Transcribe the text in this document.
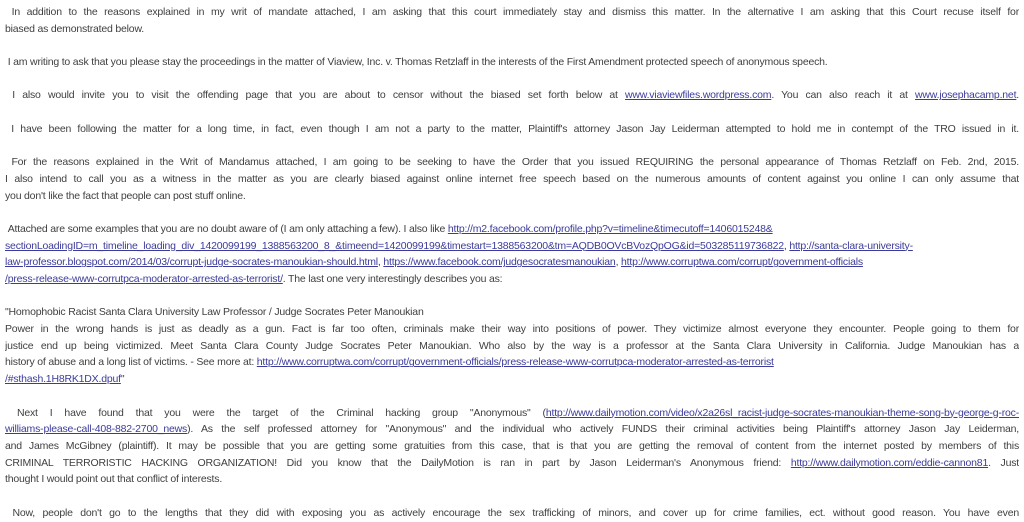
In addition to the reasons explained in my writ of mandate attached, I am asking that this court immediately stay and dismiss this matter. In the alternative I am asking that this Court recuse itself for
biased as demonstrated below.
I am writing to ask that you please stay the proceedings in the matter of Viaview, Inc. v. Thomas Retzlaff in the interests of the First Amendment protected speech of anonymous speech.
I also would invite you to visit the offending page that you are about to censor without the biased set forth below at www.viaviewfiles.wordpress.com. You can also reach it at www.josephacamp.net.
I have been following the matter for a long time, in fact, even though I am not a party to the matter, Plaintiff's attorney Jason Jay Leiderman attempted to hold me in contempt of the TRO issued in it.
For the reasons explained in the Writ of Mandamus attached, I am going to be seeking to have the Order that you issued REQUIRING the personal appearance of Thomas Retzlaff on Feb. 2nd, 2015.
I also intend to call you as a witness in the matter as you are clearly biased against online internet free speech based on the numerous amounts of content against you online I can only assume that
you don't like the fact that people can post stuff online.
Attached are some examples that you are no doubt aware of (I am only attaching a few). I also like http://m2.facebook.com/profile.php?v=timeline&timecutoff=1406015248&
sectionLoadingID=m_timeline_loading_div_1420099199_1388563200_8_&timeend=1420099199&timestart=1388563200&tm=AQDB0OVcBVozQpOG&id=503285119736822, http://santa-clara-university-
law-professor.blogspot.com/2014/03/corrupt-judge-socrates-manoukian-should.html, https://www.facebook.com/judgesocratesmanoukian, http://www.corruptwa.com/corrupt/government-officials
/press-release-www-corrutpca-moderator-arrested-as-terrorist/. The last one very interestingly describes you as:
"Homophobic Racist Santa Clara University Law Professor / Judge Socrates Peter Manoukian
Power in the wrong hands is just as deadly as a gun. Fact is far too often, criminals make their way into positions of power. They victimize almost everyone they encounter. People going to them for
justice end up being victimized. Meet Santa Clara County Judge Socrates Peter Manoukian. Who also by the way is a professor at the Santa Clara University in California. Judge Manoukian has a
history of abuse and a long list of victims. - See more at: http://www.corruptwa.com/corrupt/government-officials/press-release-www-corrutpca-moderator-arrested-as-terrorist
/#sthash.1H8RK1DX.dpuf"
Next I have found that you were the target of the Criminal hacking group "Anonymous" (http://www.dailymotion.com/video/x2a26sl_racist-judge-socrates-manoukian-theme-song-by-george-g-roc-
williams-please-call-408-882-2700_news). As the self professed attorney for "Anonymous" and the individual who actively FUNDS their criminal activities being Plaintiff's attorney Jason Jay Leiderman,
and James McGibney (plaintiff). It may be possible that you are getting some gratuities from this case, that is that you are getting the removal of content from the internet posted by members of this
CRIMINAL TERRORISTIC HACKING ORGANIZATION! Did you know that the DailyMotion is ran in part by Jason Leiderman's Anonymous friend: http://www.dailymotion.com/eddie-cannon81. Just
thought I would point out that conflict of interests.
Now, people don't go to the lengths that they did with exposing you as actively encourage the sex trafficking of minors, and cover up for crime families, ect. without good reason. You have even
